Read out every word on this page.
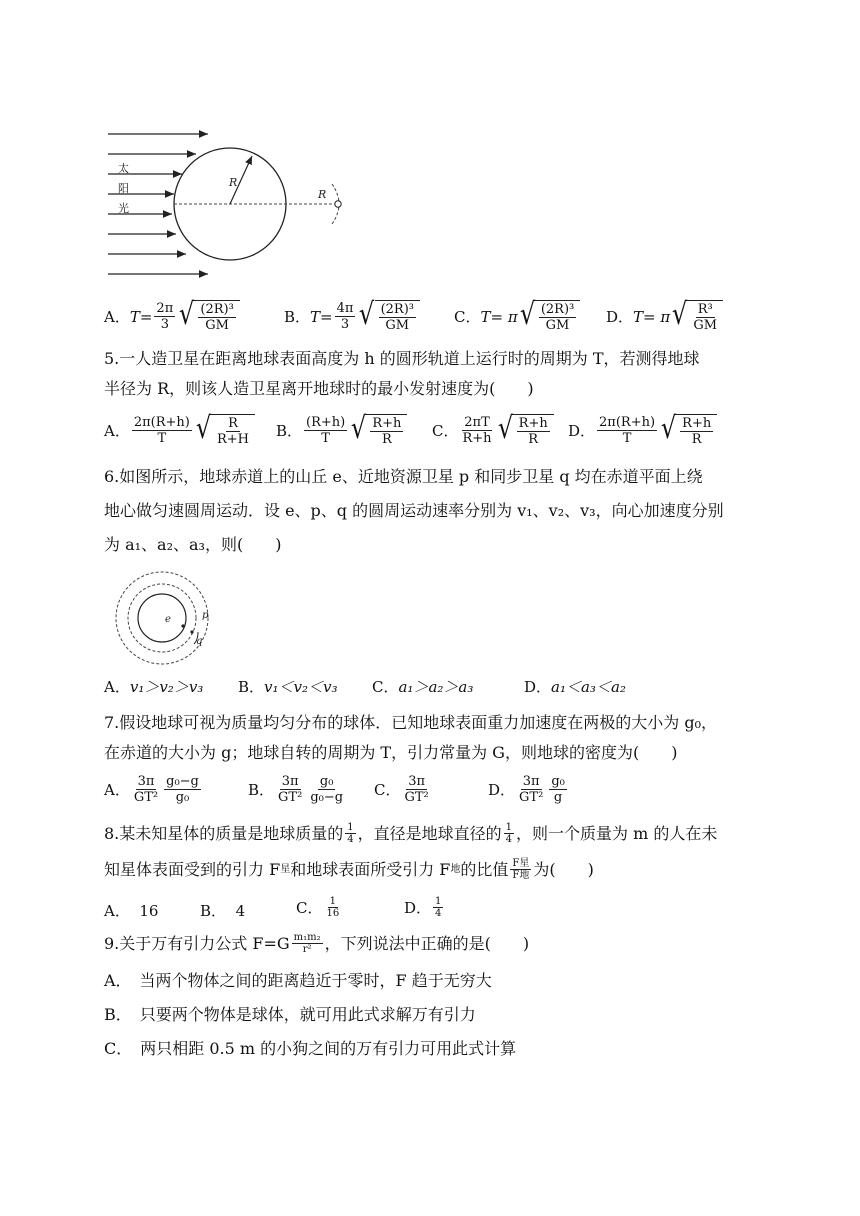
太
阳
光
R
R
A． $T= \frac{2\pi}{3}$ √ $\frac{\text{(2R)³}}{GM}$	B． $T= \frac{4\pi}{3}$ √ $\frac{\text{(2R)³}}{GM}$	C． T= π √ $\frac{\text{(2R)³}}{GM}$ D． T= π √ $\frac{\text{R³}}{GM}$
5.一人造卫星在距离地球表面高度为 h 的圆形轨道上运行时的周期为 T，若测得地球
半径为 R，则该人造卫星离开地球时的最小发射速度为(　　)
A． $\frac{2\pi(R+h)}{T}$ √ $\frac{R}{R+H}$ B． $\frac{(R+h)}{T}$ √ $\frac{R+h}{R}$ C． $\frac{2\pi T}{R+h}$ √ $\frac{R+h}{R}$ D． $\frac{2\pi(R+h)}{T}$ √ $\frac{R+h}{R}$
6.如图所示，地球赤道上的山丘 e、近地资源卫星 p 和同步卫星 q 均在赤道平面上绕
地心做匀速圆周运动．设 e、p、q 的圆周运动速率分别为 v₁、v₂、v₃，向心加速度分别
为 a₁、a₂、a₃，则(　　)
e	p
q
A．v₁＞v₂＞v₃ B．v₁＜v₂＜v₃ C．a₁＞a₂＞a₃	D．a₁＜a₃＜a₂
7.假设地球可视为质量均匀分布的球体．已知地球表面重力加速度在两极的大小为 g₀，
在赤道的大小为 g；地球自转的周期为 T，引力常量为 G，则地球的密度为(　　)
A． $\frac{3\pi}{\text{GT²}} \frac{\text{g₀−g}}{\text{g₀}}$	B． $\frac{3\pi}{\text{GT²}} \frac{\text{g₀}}{\text{g₀−g}}$ C． $\frac{3\pi}{\text{GT²}}$	D． $\frac{3\pi}{\text{GT²}} \frac{\text{g₀}}{g}$
8.某未知星体的质量是地球质量的 $\frac{1}{4}$ ，直径是地球直径的 $\frac{1}{4}$ ，则一个质量为 m 的人在未
知星体表面受到的引力 F 星 和地球表面所受引力 F 地 的比值 $\frac{\text{F星}}{\text{F地}}$ 为(　　)
A． 16	B． 4	C． $\frac{1}{16}$	D． $\frac{1}{4}$
9.关于万有引力公式 $F=G \frac{\text{m₁m₂}}{\text{r²}}$ ，下列说法中正确的是(　　)
A．　当两个物体之间的距离趋近于零时，F 趋于无穷大
B．　只要两个物体是球体，就可用此式求解万有引力
C．　两只相距 0.5 m 的小狗之间的万有引力可用此式计算
